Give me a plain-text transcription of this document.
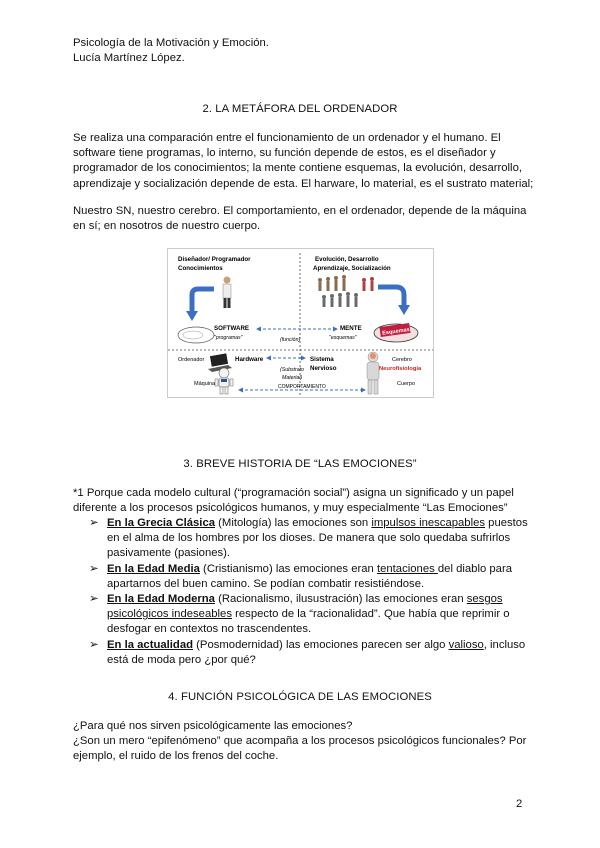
Psicología de la Motivación y Emoción.
Lucía Martínez López.
2. LA METÁFORA DEL ORDENADOR
Se realiza una comparación entre el funcionamiento de un ordenador y el humano. El
software tiene programas, lo interno, su función depende de estos, es el diseñador y
programador de los conocimientos; la mente contiene esquemas, la evolución, desarrollo,
aprendizaje y socialización depende de esta. El harware, lo material, es el sustrato material;
Nuestro SN, nuestro cerebro. El comportamiento, en el ordenador, depende de la máquina
en sí; en nosotros de nuestro cuerpo.
Diseñador/ Programador
Conocimientos
Evolución, Desarrollo
Aprendizaje, Socialización
SOFTWARE
"programas"	(función)
MENTE
"esquemas"
Esquemas
Ordenador	Hardware
Máquina
(Substrato
Material)
Sistema
Nervioso
Cerebro
Neurofisiología
Cuerpo
COMPORTAMIENTO
3. BREVE HISTORIA DE “LAS EMOCIONES”
*1 Porque cada modelo cultural (“programación social”) asigna un significado y un papel
diferente a los procesos psicológicos humanos, y muy especialmente “Las Emociones”
➢ En la Grecia Clásica (Mitología) las emociones son impulsos inescapables puestos
en el alma de los hombres por los dioses. De manera que solo quedaba sufrirlos
pasivamente (pasiones).
➢ En la Edad Media (Cristianismo) las emociones eran tentaciones del diablo para
apartarnos del buen camino. Se podían combatir resistiéndose.
➢ En la Edad Moderna (Racionalismo, ilusustración) las emociones eran sesgos
psicológicos indeseables respecto de la “racionalidad”. Que había que reprimir o
desfogar en contextos no trascendentes.
➢ En la actualidad (Posmodernidad) las emociones parecen ser algo valioso, incluso
está de moda pero ¿por qué?
4. FUNCIÓN PSICOLÓGICA DE LAS EMOCIONES
¿Para qué nos sirven psicológicamente las emociones?
¿Son un mero “epifenómeno” que acompaña a los procesos psicológicos funcionales? Por
ejemplo, el ruido de los frenos del coche.
2
